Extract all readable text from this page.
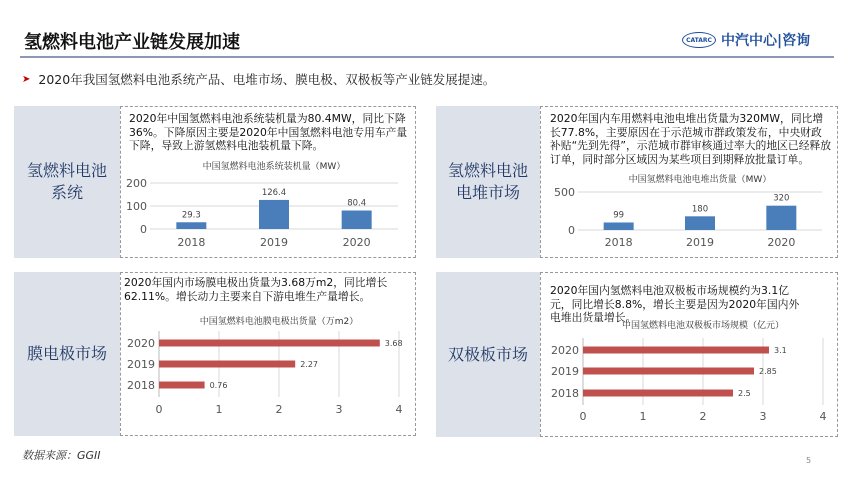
氢燃料电池产业链发展加速	CATARC 中汽中心|咨询
➤ 2020年我国氢燃料电池系统产品、电堆市场、膜电极、双极板等产业链发展提速。
氢燃料电池系统
2020年中国氢燃料电池系统装机量为80.4MW，同比下降36%。下降原因主要是2020年中国氢燃料电池专用车产量下降，导致上游氢燃料电池装机量下降。
氢燃料电池电堆市场
2020年国内车用燃料电池电堆出货量为320MW，同比增长77.8%，主要原因在于示范城市群政策发布，中央财政补贴“先到先得”，示范城市群审核通过率大的地区已经释放订单，同时部分区域因为某些项目到期释放批量订单。
膜电极市场
2020年国内市场膜电极出货量为3.68万m2，同比增长62.11%。增长动力主要来自下游电堆生产量增长。
双极板市场
2020年国内氢燃料电池双极板市场规模约为3.1亿元，同比增长8.8%，增长主要是因为2020年国内外电堆出货量增长。
中国氢燃料电池系统装机量（MW）
0
100
200
29.3
2018
126.4
2019
80.4
2020
中国氢燃料电池电堆出货量（MW）
0
500
99
2018
180
2019
320
2020
中国氢燃料电池膜电极出货量（万m2）
0	1	2	3	4
3.68
2020
2.27
2019
0.76
2018
中国氢燃料电池双极板市场规模（亿元）
0	1	2	3	4
3.1
2020
2.85
2019
2.5
2018
数据来源：GGII	5
